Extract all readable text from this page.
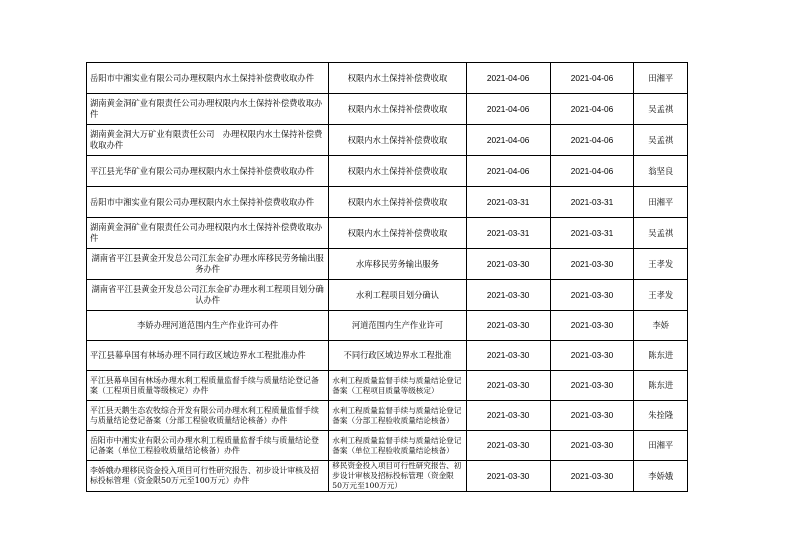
岳阳市中湘实业有限公司办理权限内水土保持补偿费收取办件	权限内水土保持补偿费收取	2021-04-06	2021-04-06	田湘平
湖南黄金洞矿业有限责任公司办理权限内水土保持补偿费收取办件	权限内水土保持补偿费收取	2021-04-06	2021-04-06	吴孟祺
湖南黄金洞大万矿业有限责任公司　办理权限内水土保持补偿费收取办件	权限内水土保持补偿费收取	2021-04-06	2021-04-06	吴孟祺
平江县光华矿业有限公司办理权限内水土保持补偿费收取办件	权限内水土保持补偿费收取	2021-04-06	2021-04-06	翁坚良
岳阳市中湘实业有限公司办理权限内水土保持补偿费收取办件	权限内水土保持补偿费收取	2021-03-31	2021-03-31	田湘平
湖南黄金洞矿业有限责任公司办理权限内水土保持补偿费收取办件	权限内水土保持补偿费收取	2021-03-31	2021-03-31	吴孟祺
湖南省平江县黄金开发总公司江东金矿办理水库移民劳务输出服务办件	水库移民劳务输出服务	2021-03-30	2021-03-30	王孝发
湖南省平江县黄金开发总公司江东金矿办理水利工程项目划分确认办件	水利工程项目划分确认	2021-03-30	2021-03-30	王孝发
李娇办理河道范围内生产作业许可办件	河道范围内生产作业许可	2021-03-30	2021-03-30	李娇
平江县幕阜国有林场办理不同行政区域边界水工程批准办件	不同行政区域边界水工程批准	2021-03-30	2021-03-30	陈东进
平江县幕阜国有林场办理水利工程质量监督手续与质量结论登记备案（工程项目质量等级核定）办件	水利工程质量监督手续与质量结论登记备案（工程项目质量等级核定）	2021-03-30	2021-03-30	陈东进
平江县天鹅生态农牧综合开发有限公司办理水利工程质量监督手续与质量结论登记备案（分部工程验收质量结论核备）办件	水利工程质量监督手续与质量结论登记备案（分部工程验收质量结论核备）	2021-03-30	2021-03-30	朱拴隆
岳阳市中湘实业有限公司办理水利工程质量监督手续与质量结论登记备案（单位工程验收质量结论核备）办件	水利工程质量监督手续与质量结论登记备案（单位工程验收质量结论核备）	2021-03-30	2021-03-30	田湘平
李娇娥办理移民资金投入项目可行性研究报告、初步设计审核及招标投标管理（资金限50万元至100万元）办件	移民资金投入项目可行性研究报告、初步设计审核及招标投标管理（资金限50万元至100万元）	2021-03-30	2021-03-30	李娇娥
